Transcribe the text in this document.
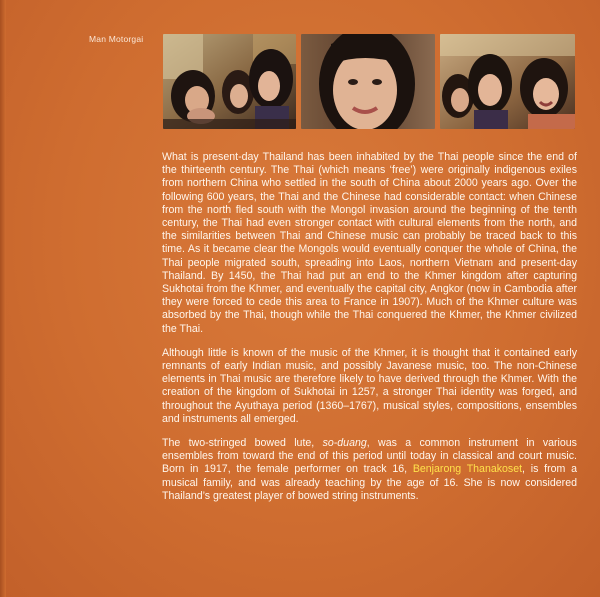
Man Motorgai

What is present-day Thailand has been inhabited by the Thai people since the end of the thirteenth century. The Thai (which means ‘free’) were originally indigenous exiles from northern China who settled in the south of China about 2000 years ago. Over the following 600 years, the Thai and the Chinese had considerable contact: when Chinese from the north fled south with the Mongol invasion around the beginning of the tenth century, the Thai had even stronger contact with cultural elements from the north, and the similarities between Thai and Chinese music can probably be traced back to this time. As it became clear the Mongols would eventually conquer the whole of China, the Thai people migrated south, spreading into Laos, northern Vietnam and present-day Thailand. By 1450, the Thai had put an end to the Khmer kingdom after capturing Sukhotai from the Khmer, and eventually the capital city, Angkor (now in Cambodia after they were forced to cede this area to France in 1907). Much of the Khmer culture was absorbed by the Thai, though while the Thai conquered the Khmer, the Khmer civilized the Thai.

Although little is known of the music of the Khmer, it is thought that it contained early remnants of early Indian music, and possibly Javanese music, too. The non-Chinese elements in Thai music are therefore likely to have derived through the Khmer. With the creation of the kingdom of Sukhotai in 1257, a stronger Thai identity was forged, and throughout the Ayuthaya period (1360–1767), musical styles, compositions, ensembles and instruments all emerged.

The two-stringed bowed lute, so-duang, was a common instrument in various ensembles from toward the end of this period until today in classical and court music. Born in 1917, the female performer on track 16, Benjarong Thanakoset, is from a musical family, and was already teaching by the age of 16. She is now considered Thailand’s greatest player of bowed string instruments.
